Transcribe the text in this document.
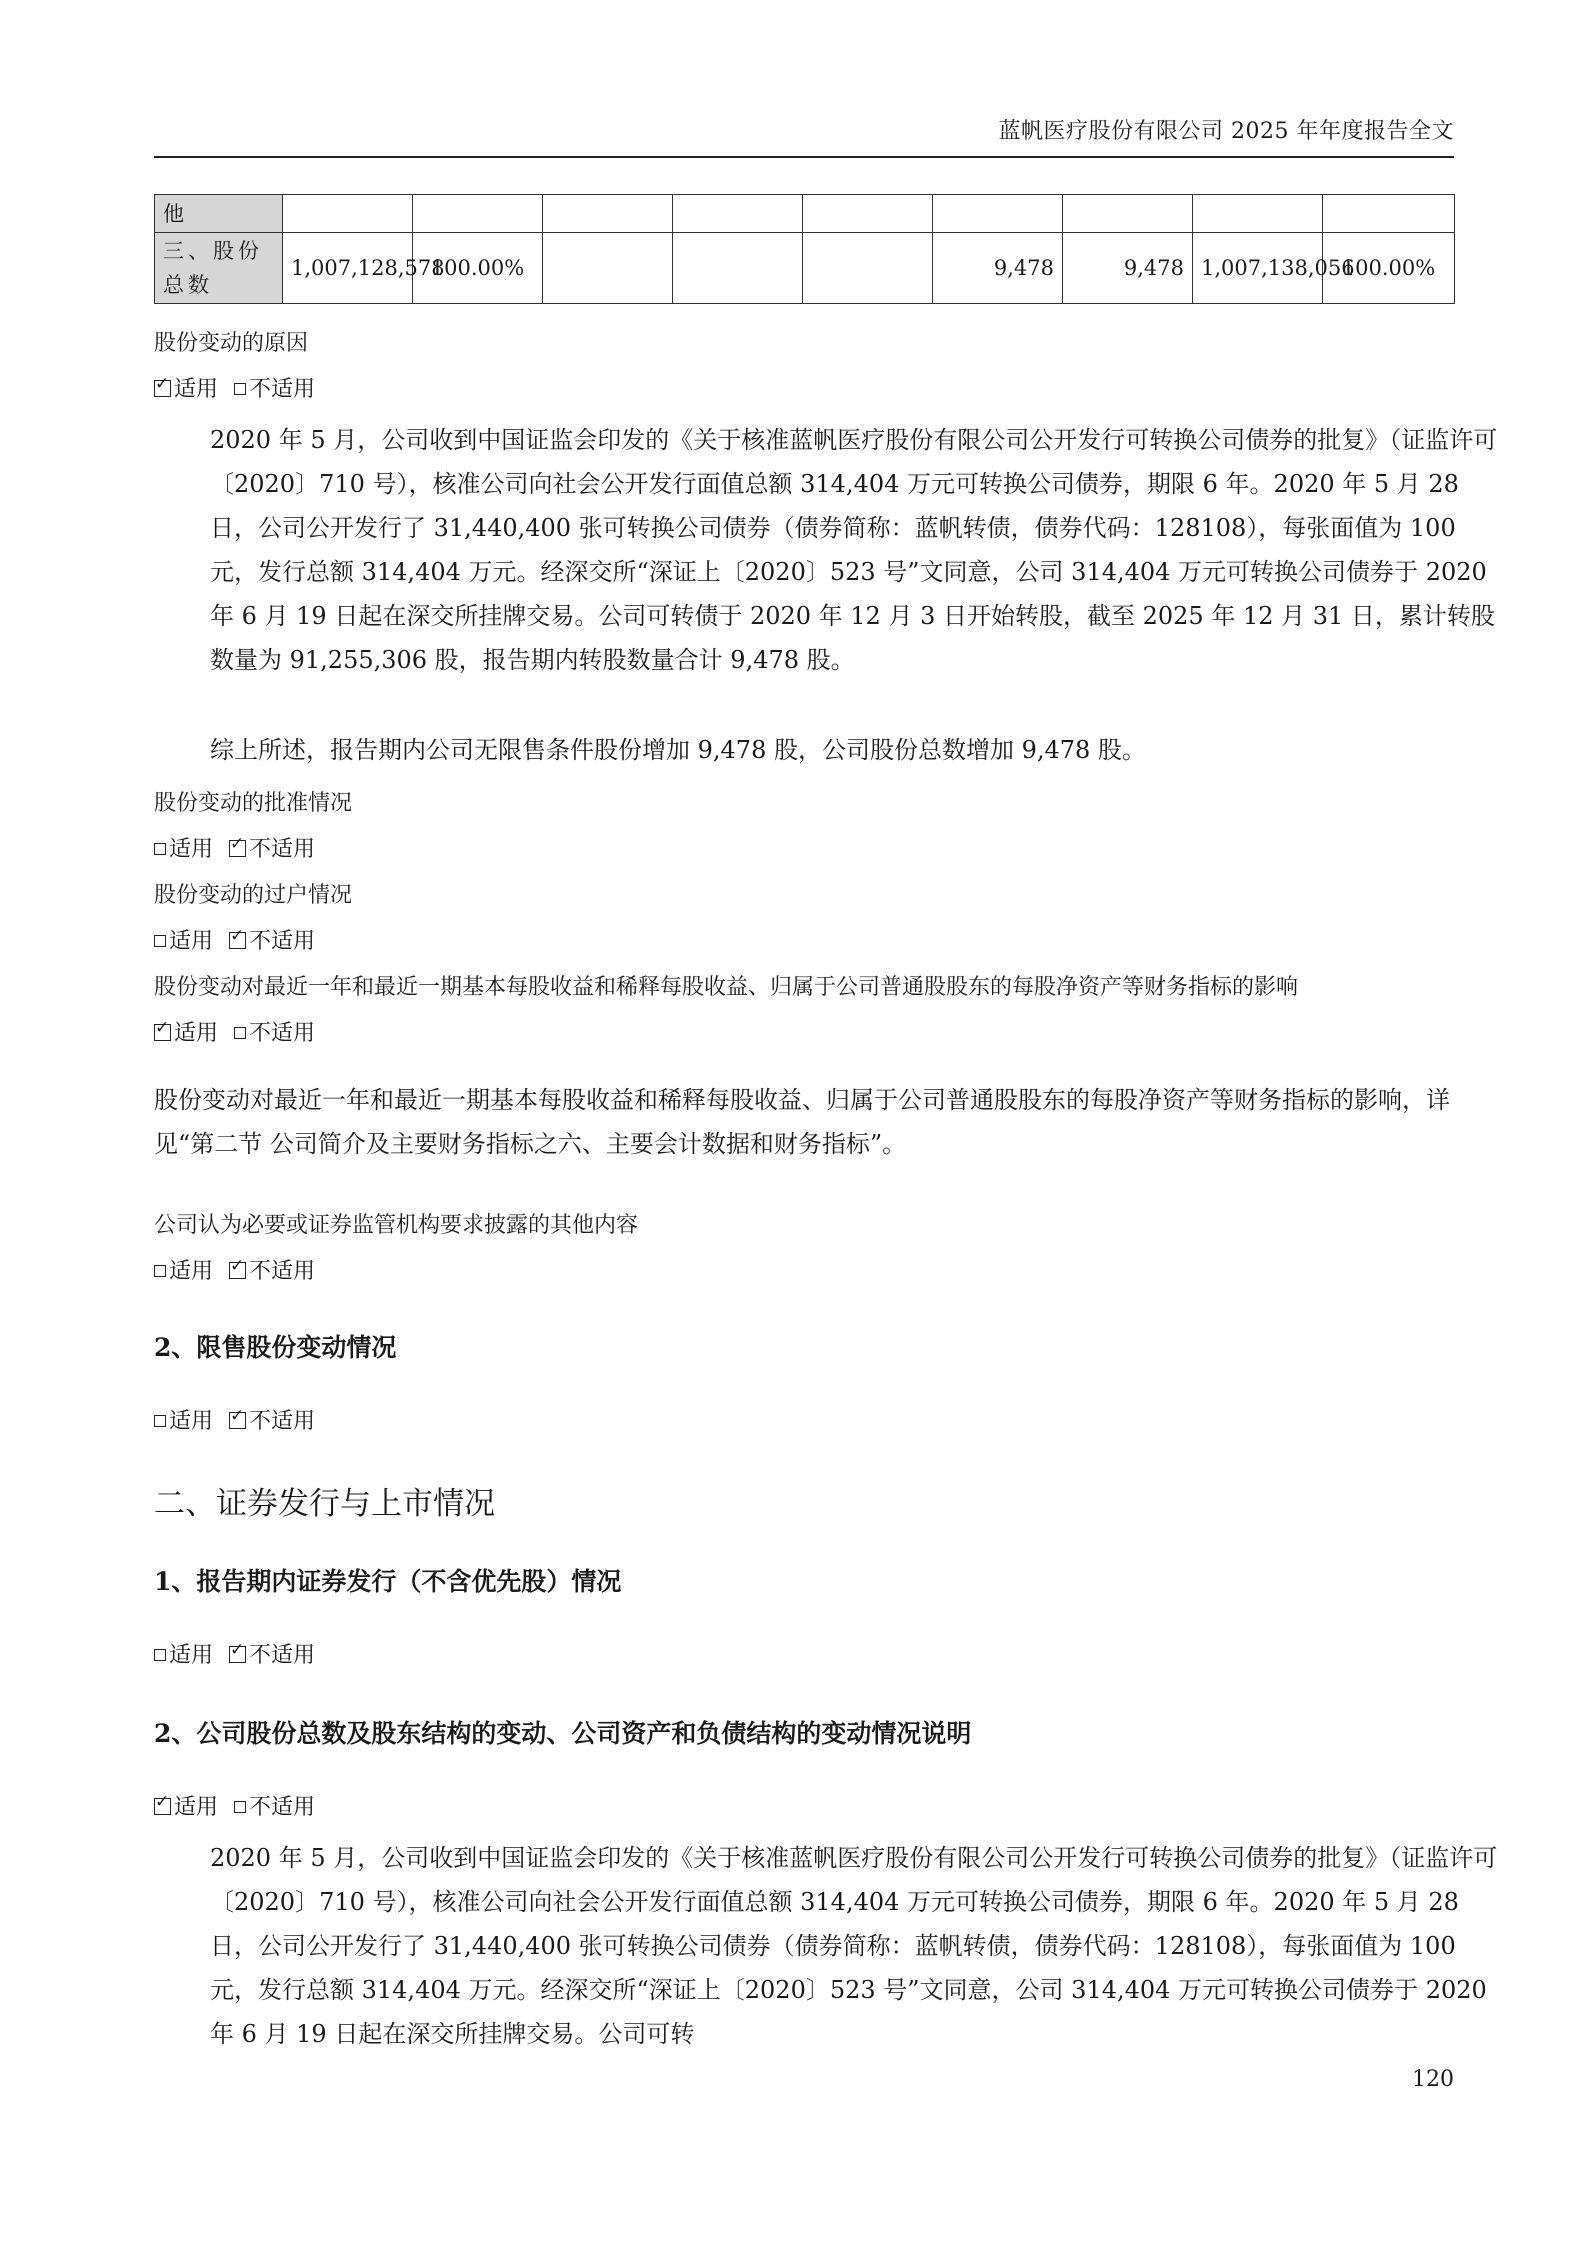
蓝帆医疗股份有限公司 2025 年年度报告全文
他									
三、股份总数	1,007,128,578	100.00%				9,478	9,478	1,007,138,056	100.00%
股份变动的原因
✓适用 不适用

2020 年 5 月，公司收到中国证监会印发的《关于核准蓝帆医疗股份有限公司公开发行可转换公司债券的批复》（证监许可〔2020〕710 号），核准公司向社会公开发行面值总额 314,404 万元可转换公司债券，期限 6 年。2020 年 5 月 28 日，公司公开发行了 31,440,400 张可转换公司债券（债券简称：蓝帆转债，债券代码：128108），每张面值为 100 元，发行总额 314,404 万元。经深交所“深证上〔2020〕523 号”文同意，公司 314,404 万元可转换公司债券于 2020 年 6 月 19 日起在深交所挂牌交易。公司可转债于 2020 年 12 月 3 日开始转股，截至 2025 年 12 月 31 日，累计转股数量为 91,255,306 股，报告期内转股数量合计 9,478 股。

综上所述，报告期内公司无限售条件股份增加 9,478 股，公司股份总数增加 9,478 股。

股份变动的批准情况
适用 ✓ 不适用
股份变动的过户情况
适用 ✓ 不适用
股份变动对最近一年和最近一期基本每股收益和稀释每股收益、归属于公司普通股股东的每股净资产等财务指标的影响
✓适用 不适用

股份变动对最近一年和最近一期基本每股收益和稀释每股收益、归属于公司普通股股东的每股净资产等财务指标的影响，详见“第二节 公司简介及主要财务指标之六、主要会计数据和财务指标”。

公司认为必要或证券监管机构要求披露的其他内容
适用 ✓ 不适用
2、限售股份变动情况
适用 ✓ 不适用
二、证券发行与上市情况
1、报告期内证券发行（不含优先股）情况
适用 ✓ 不适用
2、公司股份总数及股东结构的变动、公司资产和负债结构的变动情况说明
✓适用 不适用

2020 年 5 月，公司收到中国证监会印发的《关于核准蓝帆医疗股份有限公司公开发行可转换公司债券的批复》（证监许可〔2020〕710 号），核准公司向社会公开发行面值总额 314,404 万元可转换公司债券，期限 6 年。2020 年 5 月 28 日，公司公开发行了 31,440,400 张可转换公司债券（债券简称：蓝帆转债，债券代码：128108），每张面值为 100 元，发行总额 314,404 万元。经深交所“深证上〔2020〕523 号”文同意，公司 314,404 万元可转换公司债券于 2020 年 6 月 19 日起在深交所挂牌交易。公司可转

120
